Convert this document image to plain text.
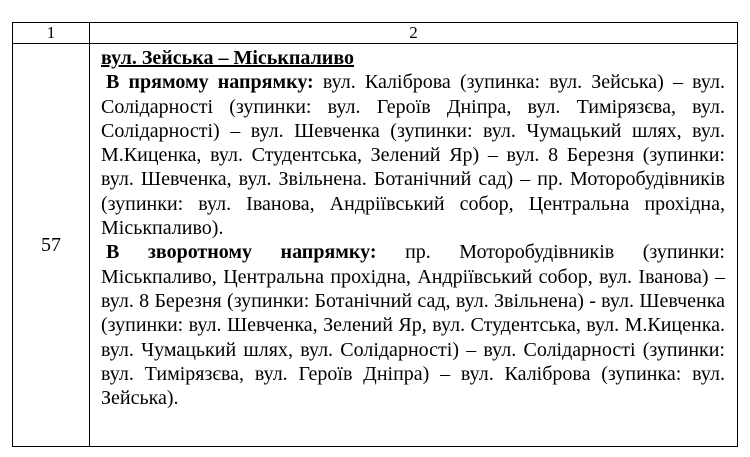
1	2
57	вул. Зейська – Міськпаливо

В прямому напрямку: вул. Каліброва (зупинка: вул. Зейська) – вул. Солідарності (зупинки: вул. Героїв Дніпра, вул. Тимірязєва, вул. Солідарності) – вул. Шевченка (зупинки: вул. Чумацький шлях, вул. М.Киценка, вул. Студентська, Зелений Яр) – вул. 8 Березня (зупинки: вул. Шевченка, вул. Звільнена. Ботанічний сад) – пр. Моторобудівників (зупинки: вул. Іванова, Андріївський собор, Центральна прохідна, Міськпаливо).

В зворотному напрямку: пр. Моторобудівників (зупинки: Міськпаливо, Центральна прохідна, Андріївський собор, вул. Іванова) – вул. 8 Березня (зупинки: Ботанічний сад, вул. Звільнена) - вул. Шевченка (зупинки: вул. Шевченка, Зелений Яр, вул. Студентська, вул. М.Киценка. вул. Чумацький шлях, вул. Солідарності) – вул. Солідарності (зупинки: вул. Тимірязєва, вул. Героїв Дніпра) – вул. Каліброва (зупинка: вул. Зейська).
